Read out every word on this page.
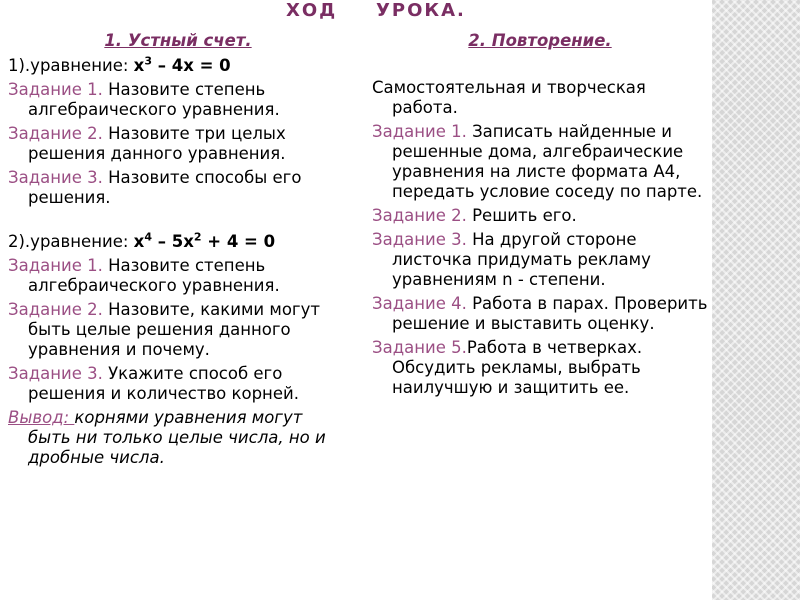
ХОД УРОКА.
1. Устный счет.
1).уравнение: $x^3 - 4x = 0$
Задание 1. Назовите степень алгебраического уравнения.
Задание 2. Назовите три целых решения данного уравнения.
Задание 3. Назовите способы его решения.
2).уравнение: $x^4 - 5x^2 + 4 = 0$
Задание 1. Назовите степень алгебраического уравнения.
Задание 2. Назовите, какими могут быть целые решения данного уравнения и почему.
Задание 3. Укажите способ его решения и количество корней.
Вывод: корнями уравнения могут быть ни только целые числа, но и дробные числа.
2. Повторение.
Самостоятельная и творческая работа.
Задание 1. Записать найденные и решенные дома, алгебраические уравнения на листе формата А4, передать условие соседу по парте.
Задание 2. Решить его.
Задание 3. На другой стороне листочка придумать рекламу уравнениям n - степени.
Задание 4. Работа в парах. Проверить решение и выставить оценку.
Задание 5.Работа в четверках. Обсудить рекламы, выбрать наилучшую и защитить ее.
